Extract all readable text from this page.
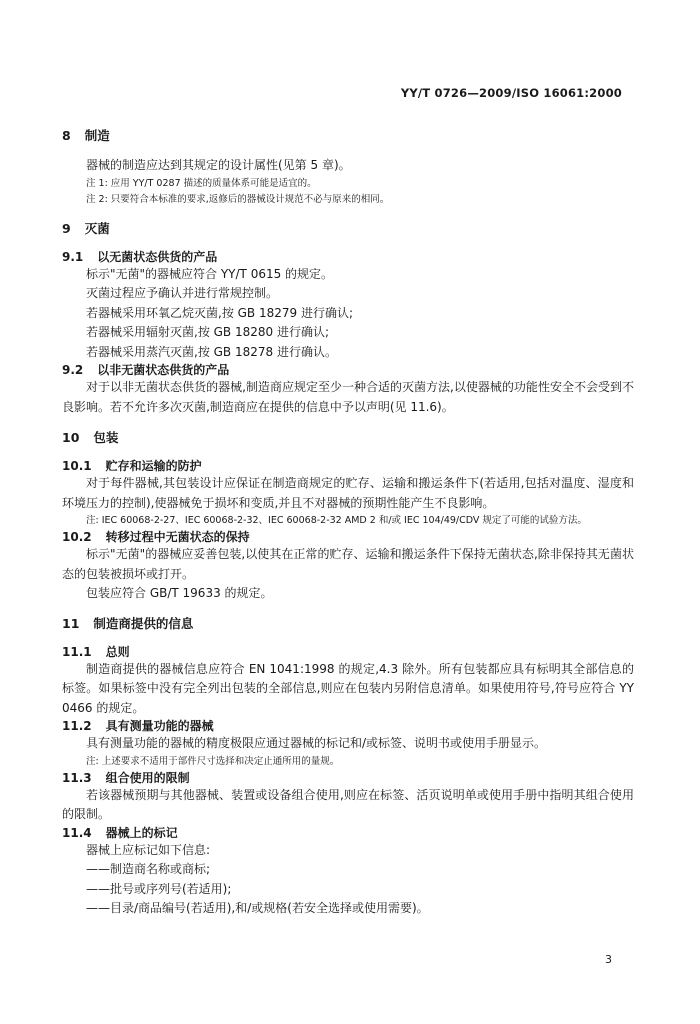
YY/T 0726—2009/ISO 16061:2000
8 制造

器械的制造应达到其规定的设计属性(见第 5 章)。

注 1: 应用 YY/T 0287 描述的质量体系可能是适宜的。

注 2: 只要符合本标准的要求,返修后的器械设计规范不必与原来的相同。

9 灭菌
9.1 以无菌状态供货的产品

标示"无菌"的器械应符合 YY/T 0615 的规定。

灭菌过程应予确认并进行常规控制。

若器械采用环氧乙烷灭菌,按 GB 18279 进行确认;

若器械采用辐射灭菌,按 GB 18280 进行确认;

若器械采用蒸汽灭菌,按 GB 18278 进行确认。

9.2 以非无菌状态供货的产品

对于以非无菌状态供货的器械,制造商应规定至少一种合适的灭菌方法,以使器械的功能性安全不会受到不良影响。若不允许多次灭菌,制造商应在提供的信息中予以声明(见 11.6)。

10 包装
10.1 贮存和运输的防护

对于每件器械,其包装设计应保证在制造商规定的贮存、运输和搬运条件下(若适用,包括对温度、湿度和环境压力的控制),使器械免于损坏和变质,并且不对器械的预期性能产生不良影响。

注: IEC 60068-2-27、IEC 60068-2-32、IEC 60068-2-32 AMD 2 和/或 IEC 104/49/CDV 规定了可能的试验方法。

10.2 转移过程中无菌状态的保持

标示"无菌"的器械应妥善包装,以使其在正常的贮存、运输和搬运条件下保持无菌状态,除非保持其无菌状态的包装被损坏或打开。

包装应符合 GB/T 19633 的规定。

11 制造商提供的信息
11.1 总则

制造商提供的器械信息应符合 EN 1041:1998 的规定,4.3 除外。所有包装都应具有标明其全部信息的标签。如果标签中没有完全列出包装的全部信息,则应在包装内另附信息清单。如果使用符号,符号应符合 YY 0466 的规定。

11.2 具有测量功能的器械

具有测量功能的器械的精度极限应通过器械的标记和/或标签、说明书或使用手册显示。

注: 上述要求不适用于部件尺寸选择和决定止通所用的量规。

11.3 组合使用的限制

若该器械预期与其他器械、装置或设备组合使用,则应在标签、活页说明单或使用手册中指明其组合使用的限制。

11.4 器械上的标记

器械上应标记如下信息:

——制造商名称或商标;

——批号或序列号(若适用);

——目录/商品编号(若适用),和/或规格(若安全选择或使用需要)。

3
